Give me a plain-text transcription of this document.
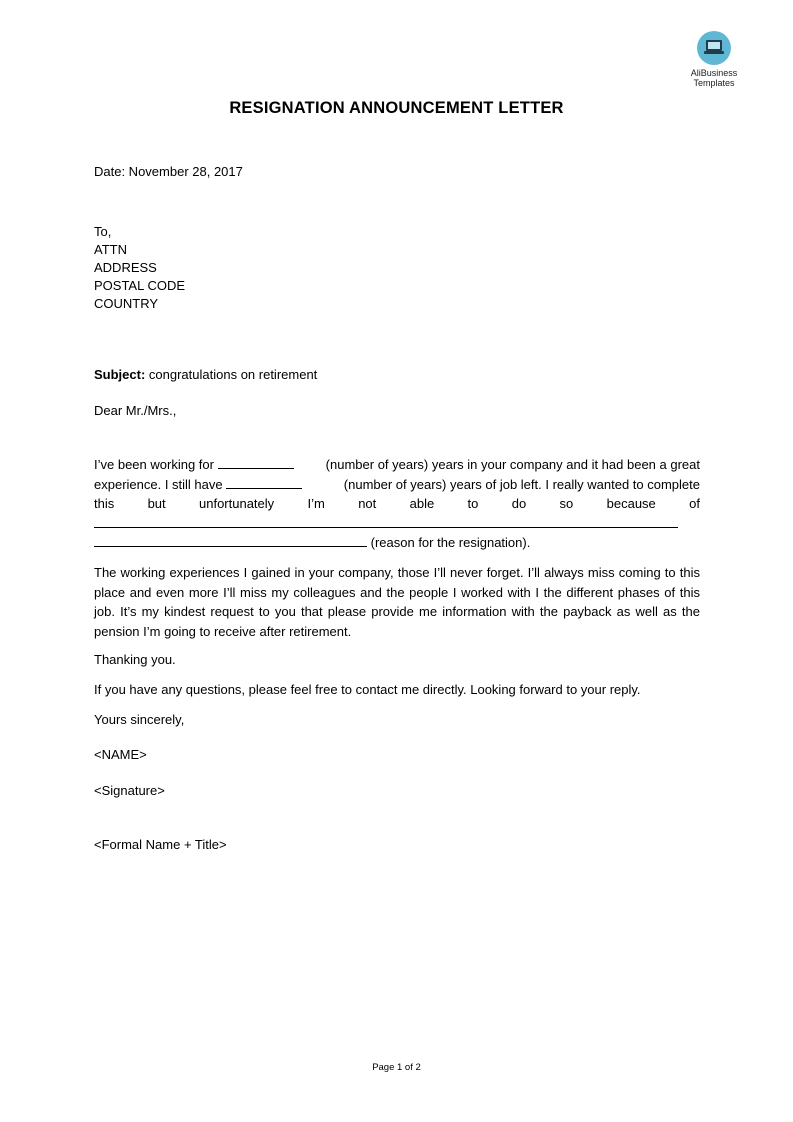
AliBusiness
Templates
RESIGNATION ANNOUNCEMENT LETTER
Date: November 28, 2017
To,
ATTN
ADDRESS
POSTAL CODE
COUNTRY
Subject: congratulations on retirement
Dear Mr./Mrs.,
I’ve been working for	(number of years) years in your company and it had been a great
experience. I still have	(number of years) years of job left. I really wanted to complete
this	but	unfortunately	I’m	not	able	to	do	so	because	of
(reason for the resignation).
The working experiences I gained in your company, those I’ll never forget. I’ll always miss coming to this place and even more I’ll miss my colleagues and the people I worked with I the different phases of this job. It’s my kindest request to you that please provide me information with the payback as well as the pension I’m going to receive after retirement.
Thanking you.
If you have any questions, please feel free to contact me directly. Looking forward to your reply.
Yours sincerely,
<NAME>
<Signature>
<Formal Name + Title>
Page 1 of 2
